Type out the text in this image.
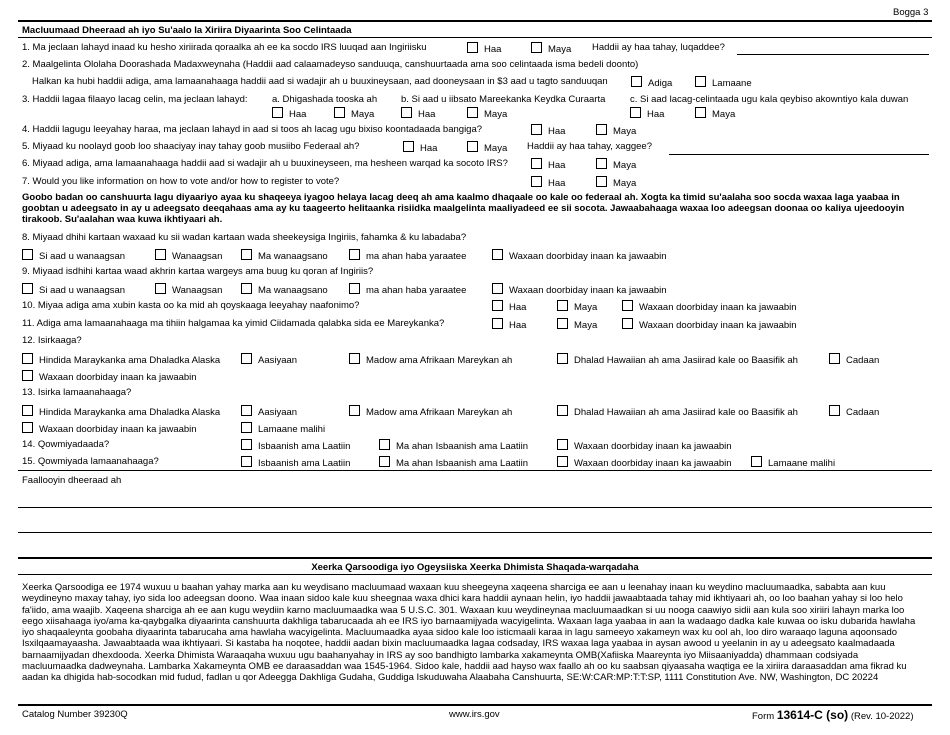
Bogga 3
Macluumaad Dheeraad ah iyo Su'aalo la Xiriira Diyaarinta Soo Celintaada
1. Ma jeclaan lahayd inaad ku hesho xiriirada qoraalka ah ee ka socdo IRS luuqad aan Ingiriisku	Haa	Maya Haddii ay haa tahay, luqaddee?
2. Maalgelinta Ololaha Doorashada Madaxweynaha (Haddii aad calaamadeyso sanduuqa, canshuurtaada ama soo celintaada isma bedeli doonto)
Halkan ka hubi haddii adiga, ama lamaanahaaga haddii aad si wadajir ah u buuxineysaan, aad dooneysaan in $3 aad u tagto sanduuqan	Adiga	Lamaane
3. Haddii lagaa filaayo lacag celin, ma jeclaan lahayd:	a. Dhigashada tooska ah	b. Si aad u iibsato Mareekanka Keydka Curaarta	c. Si aad lacag-celintaada ugu kala qeybiso akowntiyo kala duwan
Haa	Maya	Haa	Maya	Haa	Maya
4. Haddii lagugu leeyahay haraa, ma jeclaan lahayd in aad si toos ah lacag ugu bixiso koontadaada bangiga?	Haa	Maya
5. Miyaad ku noolayd goob loo shaaciyay inay tahay goob musiibo Federaal ah?	Haa	Maya Haddii ay haa tahay, xaggee?
6. Miyaad adiga, ama lamaanahaaga haddii aad si wadajir ah u buuxineyseen, ma hesheen warqad ka socoto IRS?	Haa	Maya
7. Would you like information on how to vote and/or how to register to vote?	Haa	Maya
Goobo badan oo canshuurta lagu diyaariyo ayaa ku shaqeeya iyagoo helaya lacag deeq ah ama kaalmo dhaqaale oo kale oo federaal ah. Xogta ka timid su'aalaha soo socda waxaa laga yaabaa in goobtan u adeegsato in ay u adeegsato deeqahaas ama ay ku taageerto helitaanka risiidka maalgelinta maaliyadeed ee sii socota. Jawaabahaaga waxaa loo adeegsan doonaa oo kaliya ujeedooyin tirakoob. Su'aalahan waa kuwa ikhtiyaari ah.
8. Miyaad dhihi kartaan waxaad ku sii wadan kartaan wada sheekeysiga Ingiriis, fahamka & ku labadaba?
Si aad u wanaagsan	Wanaagsan	Ma wanaagsano	ma ahan haba yaraatee	Waxaan doorbiday inaan ka jawaabin
9. Miyaad isdhihi kartaa waad akhrin kartaa wargeys ama buug ku qoran af Ingiriis?
Si aad u wanaagsan	Wanaagsan	Ma wanaagsano	ma ahan haba yaraatee	Waxaan doorbiday inaan ka jawaabin
10. Miyaa adiga ama xubin kasta oo ka mid ah qoyskaaga leeyahay naafonimo?	Haa	Maya	Waxaan doorbiday inaan ka jawaabin
11. Adiga ama lamaanahaaga ma tihiin halgamaa ka yimid Ciidamada qalabka sida ee Mareykanka?	Haa	Maya	Waxaan doorbiday inaan ka jawaabin
12. Isirkaaga?
Hindida Maraykanka ama Dhaladka Alaska	Aasiyaan	Madow ama Afrikaan Mareykan ah	Dhalad Hawaiian ah ama Jasiirad kale oo Baasifik ah	Cadaan
Waxaan doorbiday inaan ka jawaabin
13. Isirka lamaanahaaga?
Hindida Maraykanka ama Dhaladka Alaska	Aasiyaan	Madow ama Afrikaan Mareykan ah	Dhalad Hawaiian ah ama Jasiirad kale oo Baasifik ah	Cadaan
Waxaan doorbiday inaan ka jawaabin	Lamaane malihi
14. Qowmiyadaada?	Isbaanish ama Laatiin	Ma ahan Isbaanish ama Laatiin	Waxaan doorbiday inaan ka jawaabin
15. Qowmiyada lamaanahaaga?	Isbaanish ama Laatiin	Ma ahan Isbaanish ama Laatiin	Waxaan doorbiday inaan ka jawaabin	Lamaane malihi
Faallooyin dheeraad ah
Xeerka Qarsoodiga iyo Ogeysiiska Xeerka Dhimista Shaqada-warqadaha
Xeerka Qarsoodiga ee 1974 wuxuu u baahan yahay marka aan ku weydisano macluumaad waxaan kuu sheegeyna xaqeena sharciga ee aan u leenahay inaan ku weydino macluumaadka, sababta aan kuu weydineyno maxay tahay, iyo sida loo adeegsan doono. Waa inaan sidoo kale kuu sheegnaa waxa dhici kara haddii aynaan helin, iyo haddii jawaabtaada tahay mid ikhtiyaari ah, oo loo baahan yahay si loo helo fa'iido, ama waajib. Xaqeena sharciga ah ee aan kugu weydiin karno macluumaadka waa 5 U.S.C. 301. Waxaan kuu weydineynaa macluumaadkan si uu nooga caawiyo sidii aan kula soo xiriiri lahayn marka loo eego xiisahaaga iyo/ama ka-qaybgalka diyaarinta canshuurta dakhliga tabarucaada ah ee IRS iyo barnaamijyada wacyigelinta. Waxaan laga yaabaa in aan la wadaago dadka kale kuwaa oo isku dubarida hawlaha iyo shaqaaleynta goobaha diyaarinta tabarucaha ama hawlaha wacyigelinta. Macluumaadka ayaa sidoo kale loo isticmaali karaa in lagu sameeyo xakameyn wax ku ool ah, loo diro waraaqo laguna aqoonsado Isxilqaamayaasha. Jawaabtaada waa ikhtiyaari. Si kastaba ha noqotee, haddii aadan bixin macluumaadka lagaa codsaday, IRS waxaa laga yaabaa in aysan awood u yeelanin in ay u adeegsato kaalmadaada barnaamijyadan dhexdooda. Xeerka Dhimista Waraaqaha wuxuu ugu baahanyahay in IRS ay soo bandhigto lambarka xakameynta OMB(Xafiiska Maareynta iyo Miisaaniyadda) dhammaan codsiyada macluumaadka dadweynaha. Lambarka Xakameynta OMB ee daraasaddan waa 1545-1964. Sidoo kale, haddii aad hayso wax faallo ah oo ku saabsan qiyaasaha waqtiga ee la xiriira daraasaddan ama fikrad ku aadan ka dhigida hab-socodkan mid fudud, fadlan u qor Adeegga Dakhliga Gudaha, Guddiga Iskuduwaha Alaabaha Canshuurta, SE:W:CAR:MP:T:T:SP, 1111 Constitution Ave. NW, Washington, DC 20224
Catalog Number 39230Q	www.irs.gov	Form 13614-C (so) (Rev. 10-2022)
